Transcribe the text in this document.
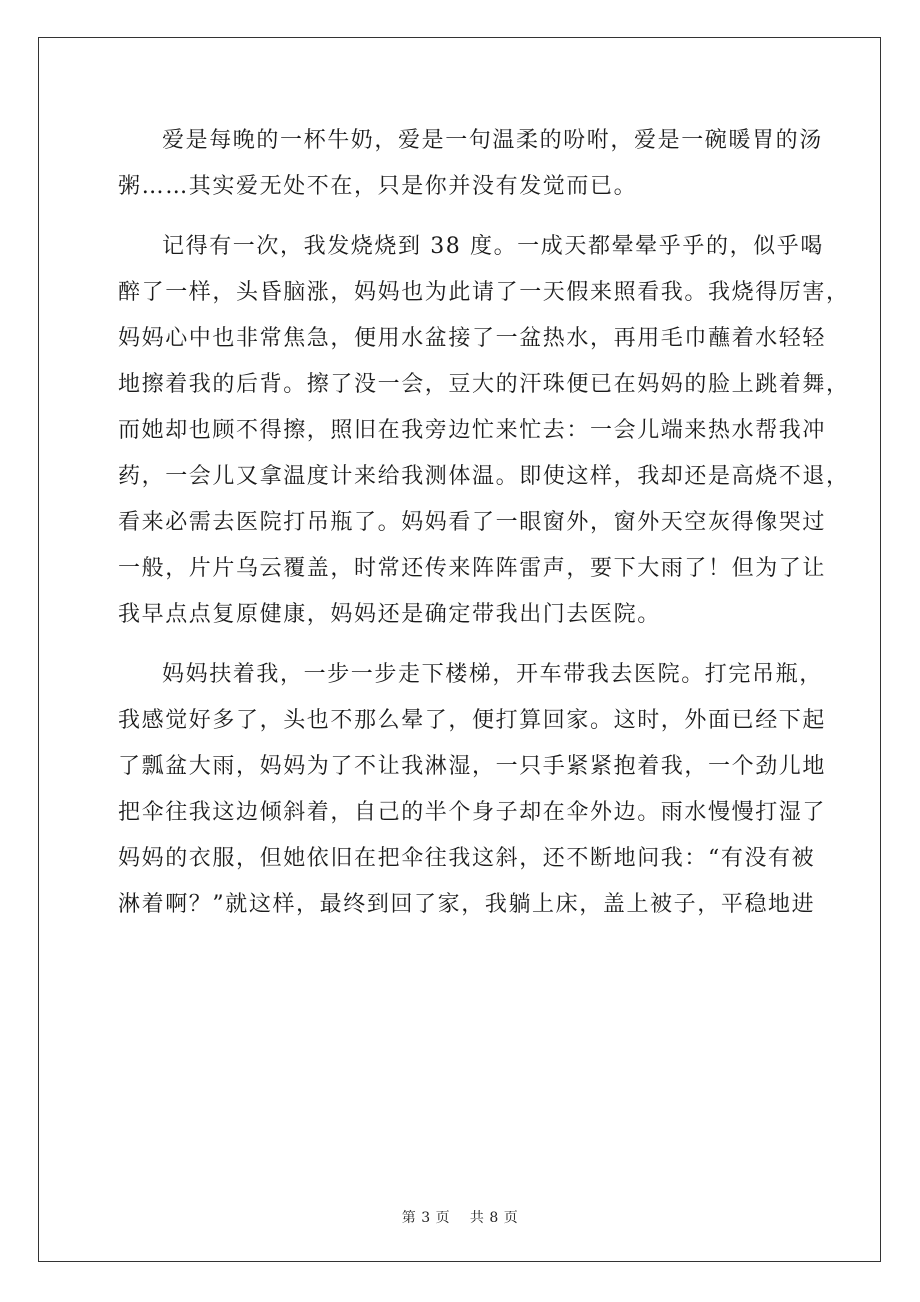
爱是每晚的一杯牛奶，爱是一句温柔的吩咐，爱是一碗暖胃的汤
粥……其实爱无处不在，只是你并没有发觉而已。
记得有一次，我发烧烧到 38 度。一成天都晕晕乎乎的，似乎喝
醉了一样，头昏脑涨，妈妈也为此请了一天假来照看我。我烧得厉害，
妈妈心中也非常焦急，便用水盆接了一盆热水，再用毛巾蘸着水轻轻
地擦着我的后背。擦了没一会，豆大的汗珠便已在妈妈的脸上跳着舞，
而她却也顾不得擦，照旧在我旁边忙来忙去：一会儿端来热水帮我冲
药，一会儿又拿温度计来给我测体温。即使这样，我却还是高烧不退，
看来必需去医院打吊瓶了。妈妈看了一眼窗外，窗外天空灰得像哭过
一般，片片乌云覆盖，时常还传来阵阵雷声，要下大雨了！但为了让
我早点点复原健康，妈妈还是确定带我出门去医院。
妈妈扶着我，一步一步走下楼梯，开车带我去医院。打完吊瓶，
我感觉好多了，头也不那么晕了，便打算回家。这时，外面已经下起
了瓢盆大雨，妈妈为了不让我淋湿，一只手紧紧抱着我，一个劲儿地
把伞往我这边倾斜着，自己的半个身子却在伞外边。雨水慢慢打湿了
妈妈的衣服，但她依旧在把伞往我这斜，还不断地问我：“有没有被
淋着啊？”就这样，最终到回了家，我躺上床，盖上被子，平稳地进
第 3 页 共 8 页
